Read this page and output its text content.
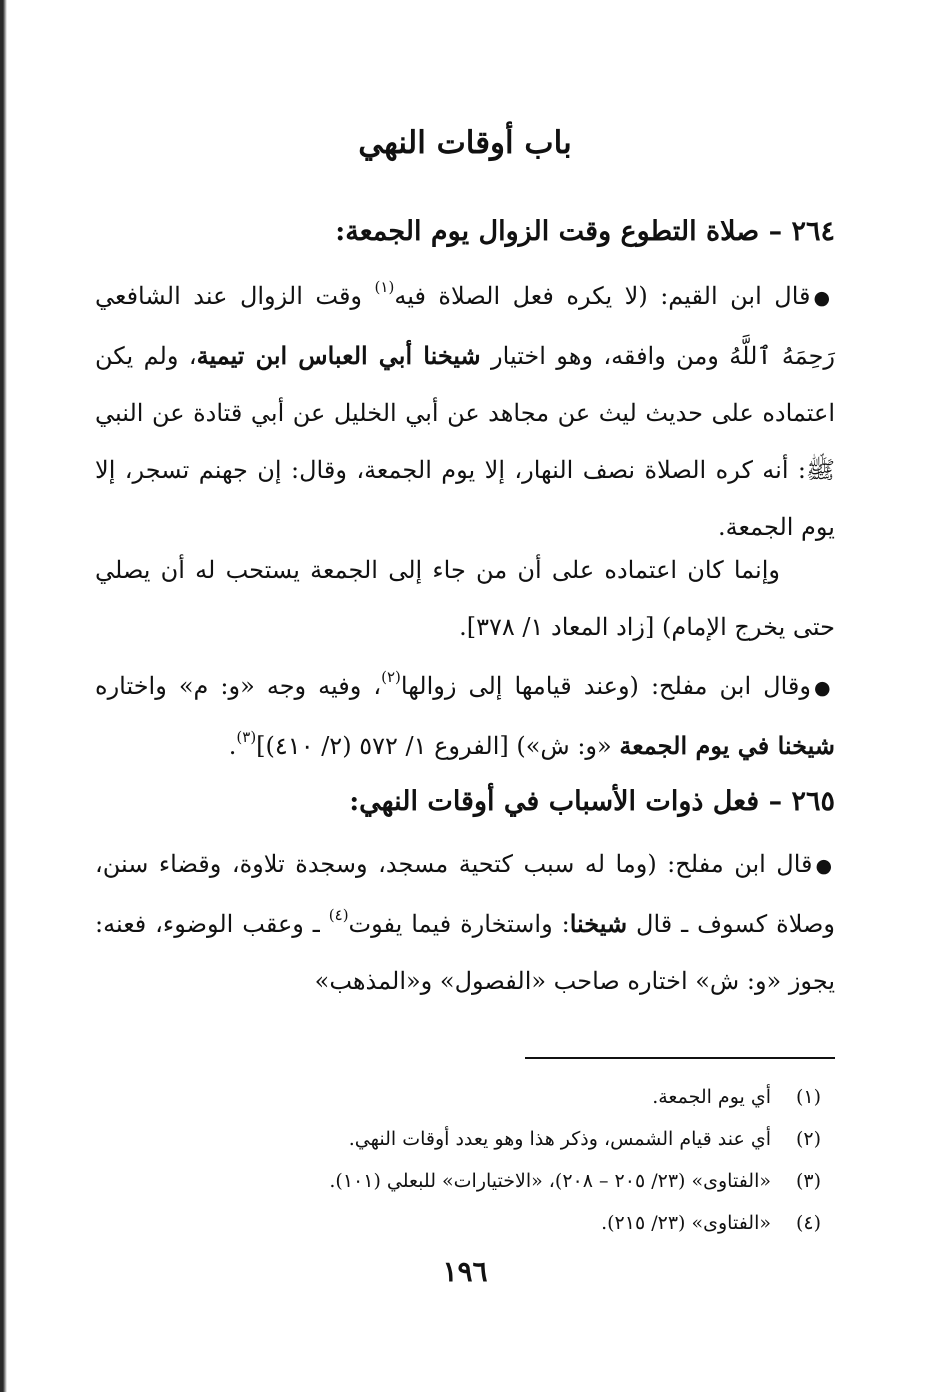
باب أوقات النهي
٢٦٤ – صلاة التطوع وقت الزوال يوم الجمعة:
●قال ابن القيم: (لا يكره فعل الصلاة فيه$^{(١)}$ وقت الزوال عند الشافعي رَحِمَهُ ٱللَّهُ ومن وافقه، وهو اختيار شيخنا أبي العباس ابن تيمية، ولم يكن اعتماده على حديث ليث عن مجاهد عن أبي الخليل عن أبي قتادة عن النبي ﷺ: أنه كره الصلاة نصف النهار، إلا يوم الجمعة، وقال: إن جهنم تسجر، إلا يوم الجمعة.
وإنما كان اعتماده على أن من جاء إلى الجمعة يستحب له أن يصلي حتى يخرج الإمام) [زاد المعاد ١/ ٣٧٨].
●وقال ابن مفلح: (وعند قيامها إلى زوالها$^{(٢)}$، وفيه وجه «و: م» واختاره شيخنا في يوم الجمعة «و: ش») [الفروع ١/ ٥٧٢ (٢/ ٤١٠)]$^{(٣)}$.
٢٦٥ – فعل ذوات الأسباب في أوقات النهي:
●قال ابن مفلح: (وما له سبب كتحية مسجد، وسجدة تلاوة، وقضاء سنن، وصلاة كسوف ـ قال شيخنا: واستخارة فيما يفوت$^{(٤)}$ ـ وعقب الوضوء، فعنه: يجوز «و: ش» اختاره صاحب «الفصول» و«المذهب»
(١)أي يوم الجمعة.
(٢)أي عند قيام الشمس، وذكر هذا وهو يعدد أوقات النهي.
(٣)«الفتاوى» (٢٣/ ٢٠٥ – ٢٠٨)، «الاختيارات» للبعلي (١٠١).
(٤)«الفتاوى» (٢٣/ ٢١٥).
١٩٦
